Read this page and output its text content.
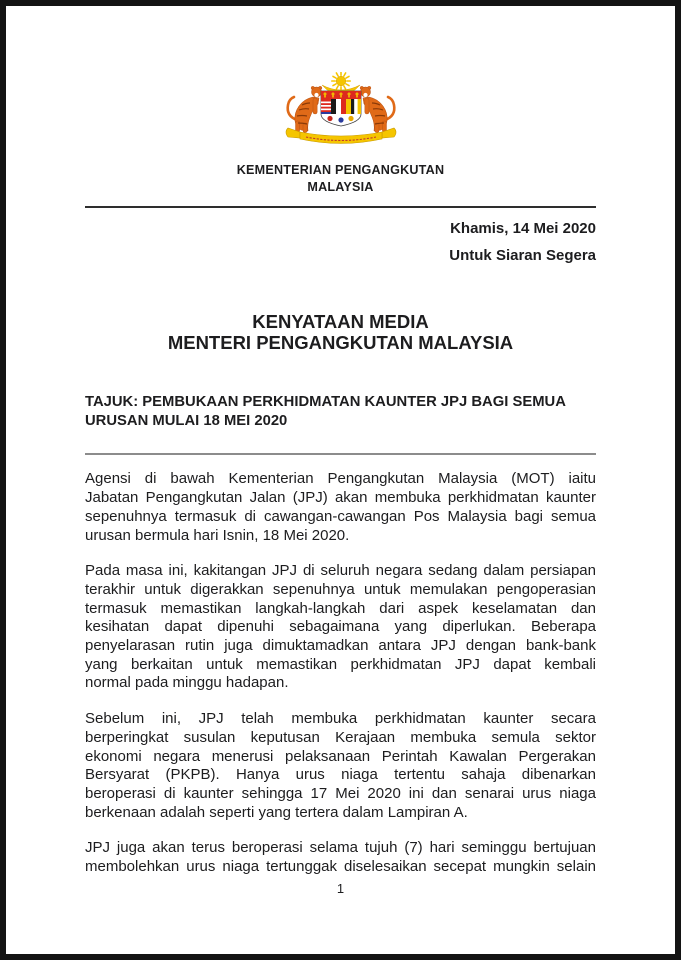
KEMENTERIAN PENGANGKUTAN
MALAYSIA
Khamis, 14 Mei 2020
Untuk Siaran Segera
KENYATAAN MEDIA
MENTERI PENGANGKUTAN MALAYSIA
TAJUK: PEMBUKAAN PERKHIDMATAN KAUNTER JPJ BAGI SEMUA
URUSAN MULAI 18 MEI 2020
Agensi di bawah Kementerian Pengangkutan Malaysia (MOT) iaitu
Jabatan Pengangkutan Jalan (JPJ) akan membuka perkhidmatan kaunter
sepenuhnya termasuk di cawangan-cawangan Pos Malaysia bagi semua
urusan bermula hari Isnin, 18 Mei 2020.
Pada masa ini, kakitangan JPJ di seluruh negara sedang dalam persiapan
terakhir untuk digerakkan sepenuhnya untuk memulakan pengoperasian
termasuk memastikan langkah-langkah dari aspek keselamatan dan
kesihatan dapat dipenuhi sebagaimana yang diperlukan. Beberapa
penyelarasan rutin juga dimuktamadkan antara JPJ dengan bank-bank
yang berkaitan untuk memastikan perkhidmatan JPJ dapat kembali
normal pada minggu hadapan.
Sebelum ini, JPJ telah membuka perkhidmatan kaunter secara
berperingkat susulan keputusan Kerajaan membuka semula sektor
ekonomi negara menerusi pelaksanaan Perintah Kawalan Pergerakan
Bersyarat (PKPB). Hanya urus niaga tertentu sahaja dibenarkan
beroperasi di kaunter sehingga 17 Mei 2020 ini dan senarai urus niaga
berkenaan adalah seperti yang tertera dalam Lampiran A.
JPJ juga akan terus beroperasi selama tujuh (7) hari seminggu bertujuan
membolehkan urus niaga tertunggak diselesaikan secepat mungkin selain
1
